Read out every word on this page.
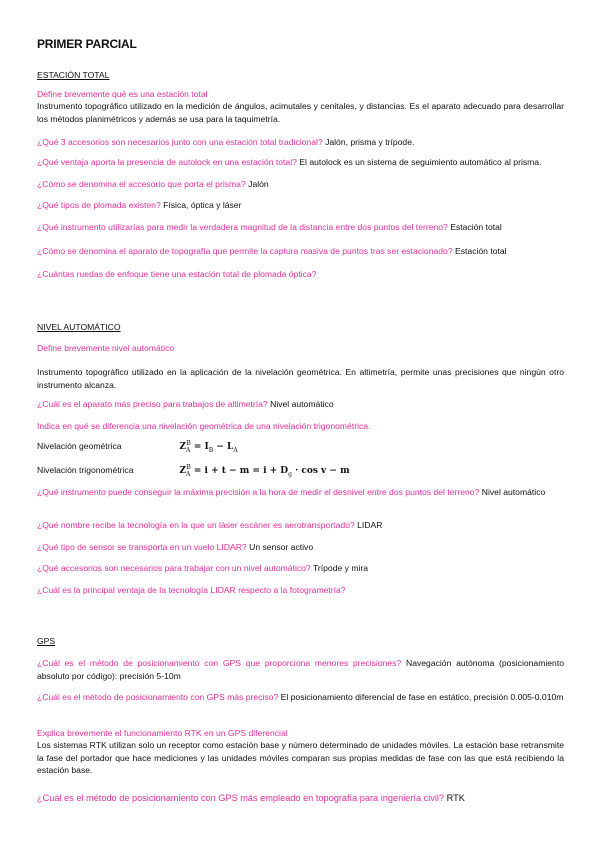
PRIMER PARCIAL
ESTACIÓN TOTAL
Define brevemente qué es una estación total
Instrumento topográfico utilizado en la medición de ángulos, acimutales y cenitales, y distancias. Es el aparato adecuado para desarrollar los métodos planimétricos y además se usa para la taquimetría.
¿Qué 3 accesorios son necesarios junto con una estación total tradicional? Jalón, prisma y trípode.
¿Qué ventaja aporta la presencia de autolock en una estación total? El autolock es un sistema de seguimiento automático al prisma.
¿Cómo se denomina el accesorio que porta el prisma? Jalón
¿Qué tipos de plomada existen? Física, óptica y láser
¿Qué instrumento utilizarías para medir la verdadera magnitud de la distancia entre dos puntos del terreno? Estación total
¿Cómo se denomina el aparato de topografía que permite la captura masiva de puntos tras ser estacionado? Estación total
¿Cuántas ruedas de enfoque tiene una estación total de plomada óptica?
NIVEL AUTOMÁTICO
Define brevemente nivel automático
Instrumento topográfico utilizado en la aplicación de la nivelación geométrica. En altimetría, permite unas precisiones que ningún otro instrumento alcanza.
¿Cuál es el aparato más preciso para trabajos de altimetría? Nivel automático
Indica en qué se diferencia una nivelación geométrica de una nivelación trigonométrica.
Nivelación geométrica	$Z_A^B = I_B - L_A$
Nivelación trigonométrica	$Z_A^B = i + t - m = i + D_g \cdot \cos v - m$
¿Qué instrumento puede conseguir la máxima precisión a la hora de medir el desnivel entre dos puntos del terreno? Nivel automático
¿Qué nombre recibe la tecnología en la que un láser escáner es aerotransportado? LIDAR
¿Qué tipo de sensor se transporta en un vuelo LIDAR? Un sensor activo
¿Qué accesorios son necesarios para trabajar con un nivel automático? Trípode y mira
¿Cuál es la principal ventaja de la tecnología LIDAR respecto a la fotogrametría?
GPS
¿Cuál es el método de posicionamiento con GPS que proporciona menores precisiones? Navegación autónoma (posicionamiento absoluto por código): precisión 5-10m
¿Cuál es el método de posicionamiento con GPS más preciso? El posicionamiento diferencial de fase en estático, precisión 0.005-0.010m
Explica brevemente el funcionamiento RTK en un GPS diferencial
Los sistemas RTK utilizan solo un receptor como estación base y número determinado de unidades móviles. La estación base retransmite la fase del portador que hace mediciones y las unidades móviles comparan sus propias medidas de fase con las que está recibiendo la estación base.
¿Cuál es el método de posicionamiento con GPS más empleado en topografía para ingeniería civil? RTK
